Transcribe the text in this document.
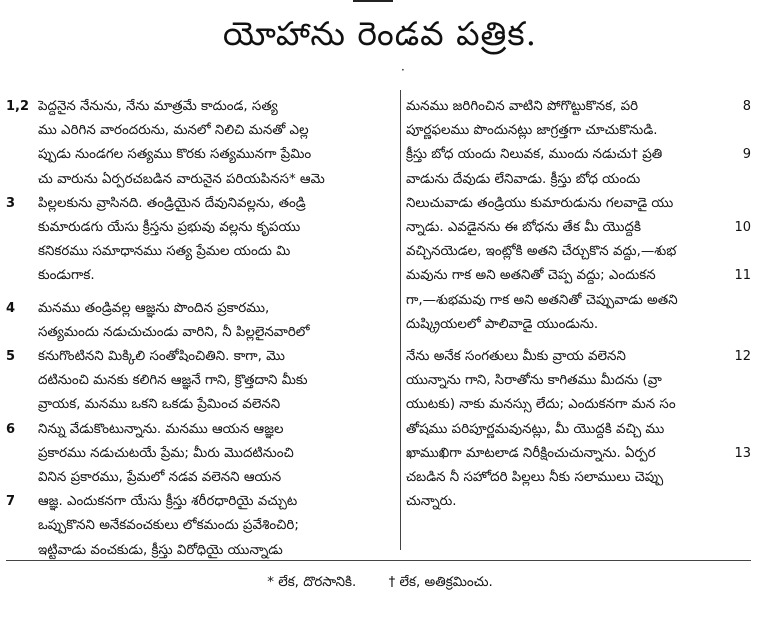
యోహాను రెండవ పత్రిక.
·
1,2 పెద్దనైన నేనును, నేను మాత్రమే కాదుండ, సత్య
ము ఎరిగిన వారందరును, మనలో నిలిచి మనతో ఎల్ల
ప్పుడు నుండగల సత్యము కొరకు సత్యమునగా ప్రేమిం
చు వారును ఏర్పరచబడిన వారునైన పరియపినస* ఆమె
3	పిల్లలకును వ్రాసినది. తండ్రియైన దేవునివల్లను, తండ్రి
కుమారుడగు యేసు క్రీస్తను ప్రభువు వల్లను కృపయు
కనికరము సమాధానము సత్య ప్రేమల యందు మి
కుండుగాక.
4	మనము తండ్రివల్ల ఆజ్ఞను పొందిన ప్రకారము,
సత్యమందు నడుచుచుండు వారిని, నీ పిల్లలైనవారిలో
5	కనుగొంటినని మిక్కిలి సంతోషించితిని. కాగా, మొ
దటినుంచి మనకు కలిగిన ఆజ్ఞనే గాని, క్రొత్తదాని మీకు
వ్రాయక, మనము ఒకని ఒకడు ప్రేమించ వలెనని
6	నిన్ను వేడుకొంటున్నాను. మనము ఆయన ఆజ్ఞల
ప్రకారము నడుచుటయే ప్రేమ; మీరు మొదటినుంచి
వినిన ప్రకారము, ప్రేమలో నడవ వలెనని ఆయన
7	ఆజ్ఞ. ఎందుకనగా యేసు క్రీస్తు శరీరధారియై వచ్చుట
ఒప్పుకొనని అనేకవంచకులు లోకమందు ప్రవేశించిరి;
ఇట్టివాడు వంచకుడు, క్రీస్తు విరోధియై యున్నాడు
మనము జరిగించిన వాటిని పోగొట్టుకొనక, పరి	8
పూర్ణఫలము పొందునట్లు జాగ్రత్తగా చూచుకొనుడి.
క్రీస్తు బోధ యందు నిలువక, ముందు నడుచు† ప్రతి	9
వాడును దేవుడు లేనివాడు. క్రీస్తు బోధ యందు
నిలుచువాడు తండ్రియు కుమారుడును గలవాడై యు
న్నాడు. ఎవడైనను ఈ బోధను తేక మీ యొద్దకి	10
వచ్చినయెడల, ఇంట్లోకి అతని చేర్చుకొన వద్దు,—శుభ
మవును గాక అని అతనితో చెప్ప వద్దు; ఎందుకన	11
గా,—శుభమవు గాక అని అతనితో చెప్పువాడు అతని
దుష్క్రియలలో పాలివాడై యుండును.
నేను అనేక సంగతులు మీకు వ్రాయ వలెనని	12
యున్నాను గాని, సిరాతోను కాగితము మీదను (వ్రా
యుటకు) నాకు మనస్సు లేదు; ఎందుకనగా మన సం
తోషము పరిపూర్ణమవునట్లు, మీ యొద్దకి వచ్చి ము
ఖాముఖిగా మాటలాడ నిరీక్షించుచున్నాను. ఏర్పర	13
చబడిన నీ సహోదరి పిల్లలు నీకు సలాములు చెప్పు
చున్నారు.
* లేక, దొరసానికి. † లేక, అతిక్రమించు.
